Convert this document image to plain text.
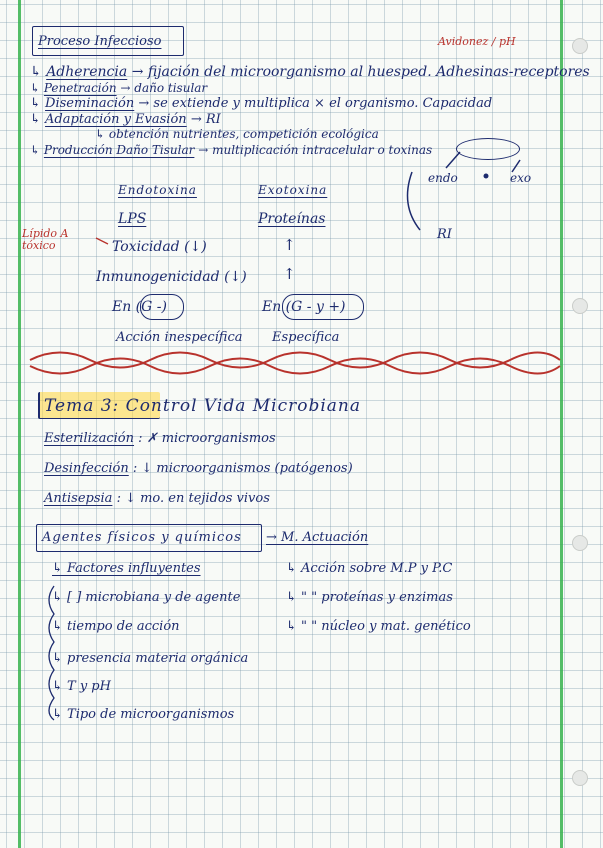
Proceso Infeccioso	Avidonez / pH
↳ Adherencia → fijación del microorganismo al huesped. Adhesinas-receptores
↳ Penetración → daño tisular
↳ Diseminación → se extiende y multiplica × el organismo. Capacidad
↳ Adaptación y Evasión → RI
↳ obtención nutrientes, competición ecológica
↳ Producción Daño Tisular → multiplicación intracelular o toxinas
endo	exo
RI
Endotoxina	Exotoxina
LPS	Proteínas
Toxicidad (↓)	↑
Inmunogenicidad (↓) ↑
En (G -)	En (G - y +)
Acción inespecífica Específica
Lípido A
tóxico
Tema 3: Control Vida Microbiana
Esterilización : ✗ microorganismos
Desinfección : ↓ microorganismos (patógenos)
Antisepsia : ↓ mo. en tejidos vivos
Agentes físicos y químicos → M. Actuación
↳ Factores influyentes	↳ Acción sobre M.P y P.C
↳ [ ] microbiana y de agente	↳ " " proteínas y enzimas
↳ tiempo de acción	↳ " " núcleo y mat. genético
↳ presencia materia orgánica
↳ T y pH
↳ Tipo de microorganismos
